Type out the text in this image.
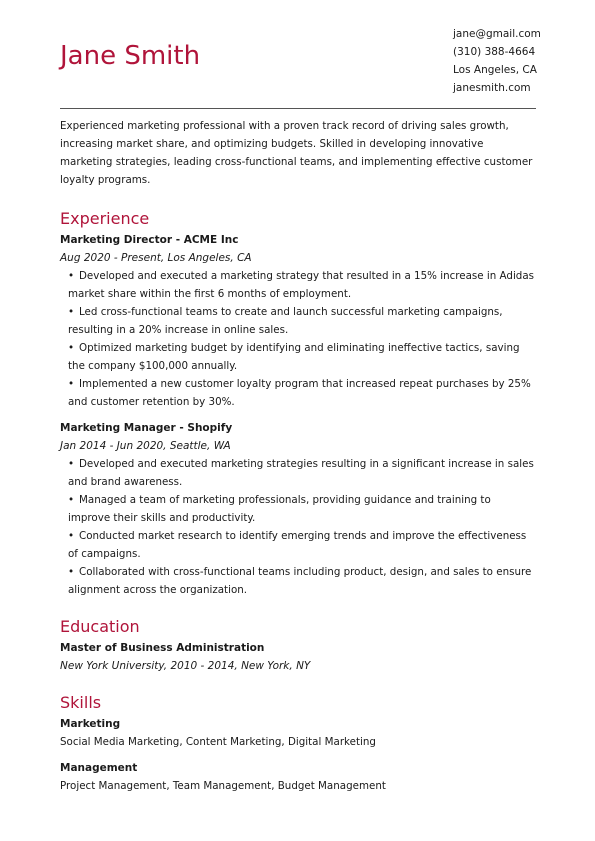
Jane Smith
jane@gmail.com
(310) 388-4664
Los Angeles, CA
janesmith.com

Experienced marketing professional with a proven track record of driving sales growth, increasing market share, and optimizing budgets. Skilled in developing innovative marketing strategies, leading cross-functional teams, and implementing effective customer loyalty programs.

Experience

Marketing Director - ACME Inc

Aug 2020 - Present, Los Angeles, CA

• Developed and executed a marketing strategy that resulted in a 15% increase in Adidas market share within the first 6 months of employment.
• Led cross-functional teams to create and launch successful marketing campaigns, resulting in a 20% increase in online sales.
• Optimized marketing budget by identifying and eliminating ineffective tactics, saving the company $100,000 annually.
• Implemented a new customer loyalty program that increased repeat purchases by 25% and customer retention by 30%.

Marketing Manager - Shopify

Jan 2014 - Jun 2020, Seattle, WA

• Developed and executed marketing strategies resulting in a significant increase in sales and brand awareness.
• Managed a team of marketing professionals, providing guidance and training to improve their skills and productivity.
• Conducted market research to identify emerging trends and improve the effectiveness of campaigns.
• Collaborated with cross-functional teams including product, design, and sales to ensure alignment across the organization.
Education

Master of Business Administration

New York University, 2010 - 2014, New York, NY

Skills

Marketing

Social Media Marketing, Content Marketing, Digital Marketing

Management

Project Management, Team Management, Budget Management
